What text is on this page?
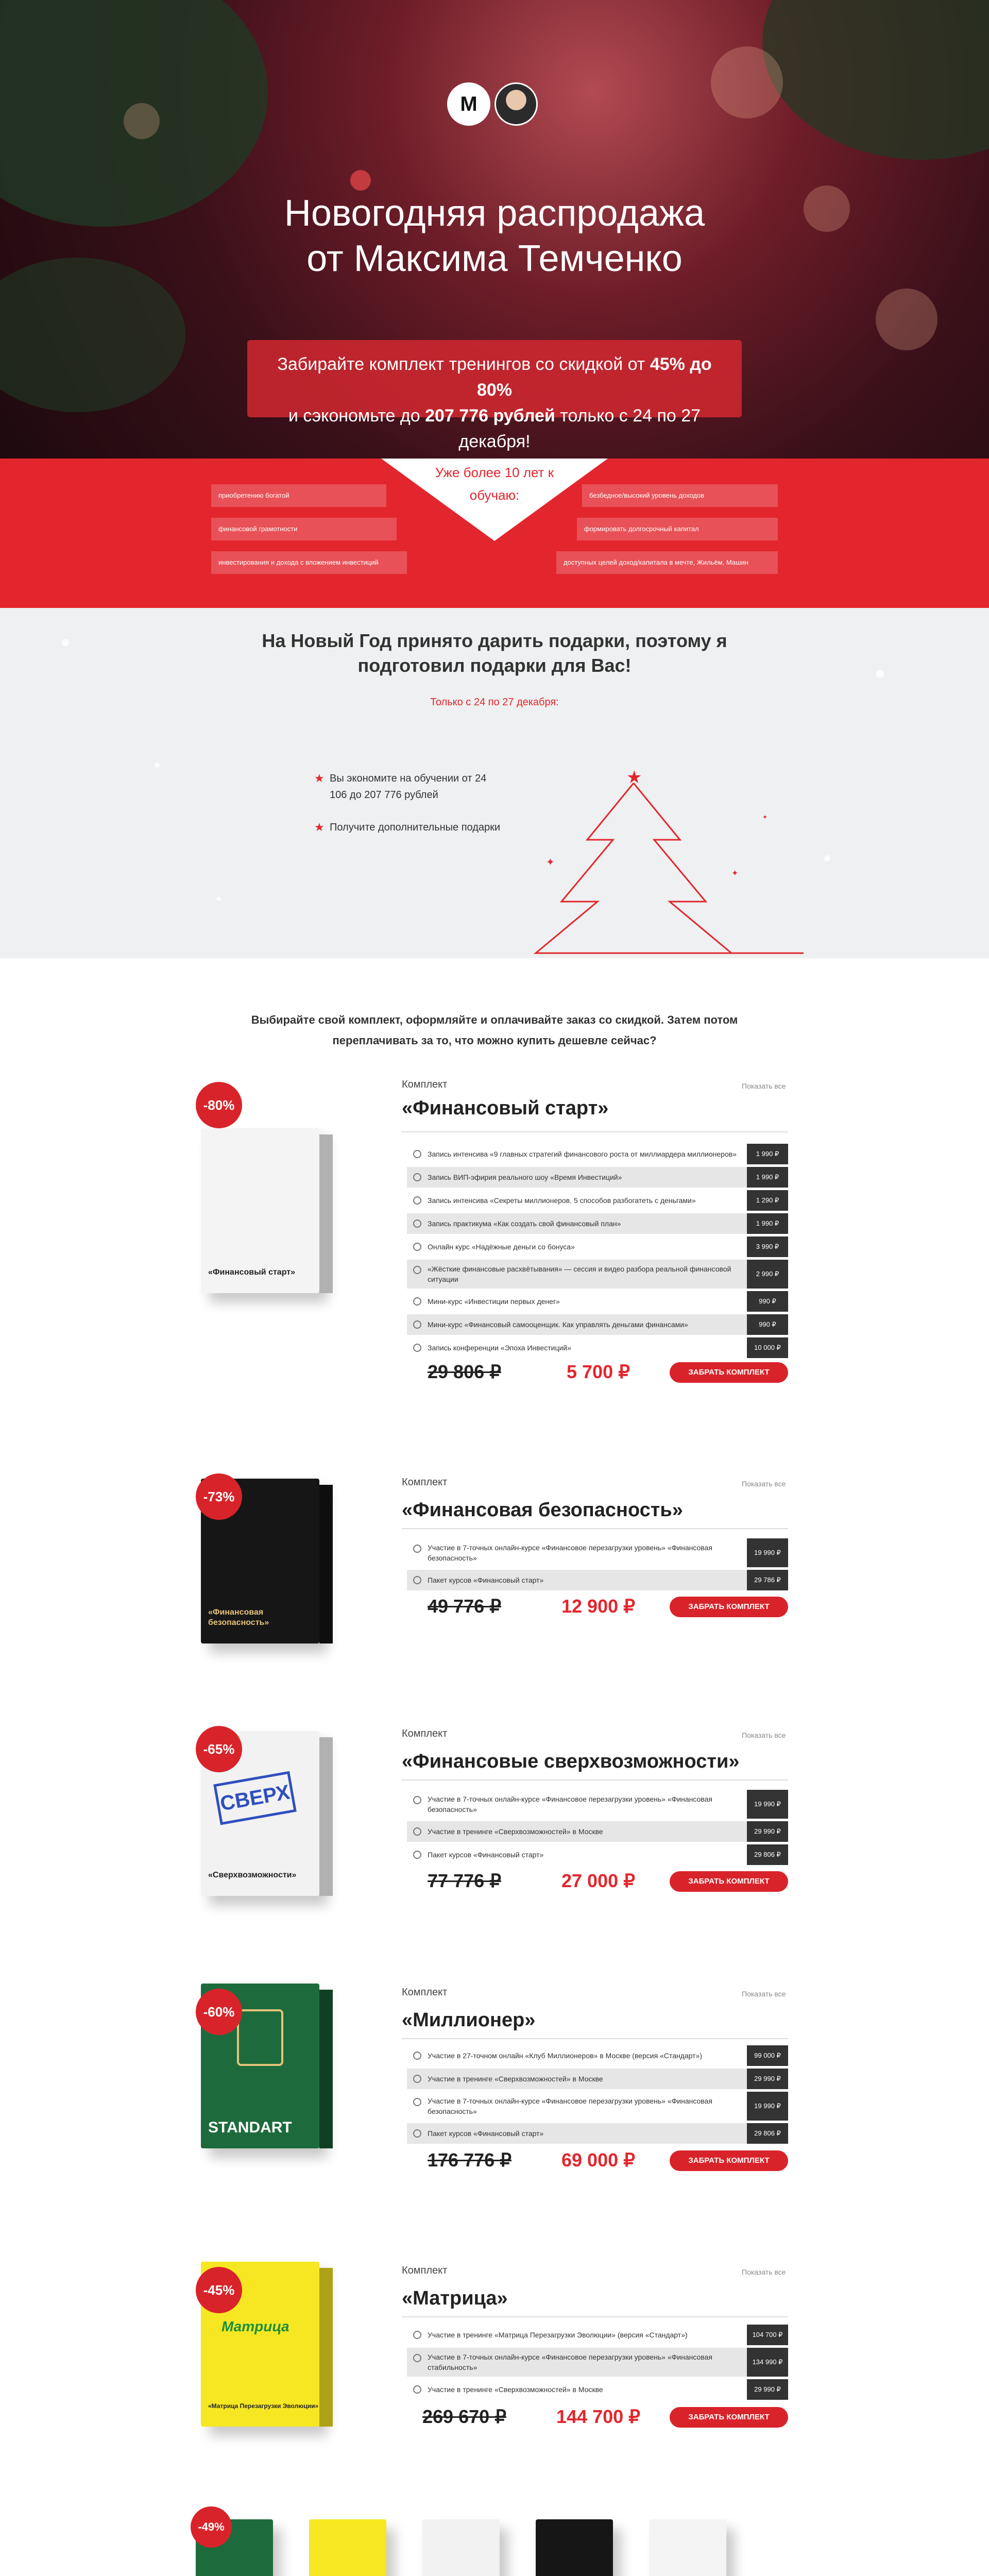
M
Новогодняя распродажа
от Максима Темченко
Забирайте комплект тренингов со скидкой от 45% до 80%
и сэкономьте до 207 776 рублей только с 24 по 27 декабря!
приобретению богатой
финансовой грамотности
инвестирования и дохода с вложением инвестиций
безбедное/высокий уровень доходов
формировать долгосрочный капитал
доступных целей доход/капитала в мечте, Жильём, Машин
Уже более 10 лет к обучаю:
На Новый Год принято дарить подарки, поэтому я подготовил подарки для Вас!
Только с 24 по 27 декабря:
★ Вы экономите на обучении от 24 106 до 207 776 рублей
★ Получите дополнительные подарки
★
✦
✦
✦
Выбирайте свой комплект, оформляйте и оплачивайте заказ со скидкой. Затем потом переплачивать за то, что можно купить дешевле сейчас?
«Финансовый старт»
-80%
Комплект	Показать все
«Финансовый старт»
Запись интенсива «9 главных стратегий финансового роста от миллиардера миллионеров»	1 990 ₽
Запись ВИП-эфирия реального шоу «Время Инвестиций»	1 990 ₽
Запись интенсива «Секреты миллионеров. 5 способов разбогатеть с деньгами»	1 290 ₽
Запись практикума «Как создать свой финансовый план»	1 990 ₽
Онлайн курс «Надёжные деньги со бонуса»	3 990 ₽
«Жёсткие финансовые расхвётывания» — сессия и видео разбора реальной финансовой ситуации
2 990 ₽
Мини-курс «Инвестиции первых денег»	990 ₽
Мини-курс «Финансовый самооценщик. Как управлять деньгами финансами»	990 ₽
Запись конференции «Эпоха Инвестиций»	10 000 ₽
29 806 ₽	5 700 ₽	ЗАБРАТЬ КОМПЛЕКТ
«Финансовая безопасность»
-73%
Комплект	Показать все
«Финансовая безопасность»
Участие в 7-точных онлайн-курсе «Финансовое перезагрузки уровень» «Финансовая безопасность»
19 990 ₽
Пакет курсов «Финансовый старт»	29 786 ₽
49 776 ₽	12 900 ₽	ЗАБРАТЬ КОМПЛЕКТ
СВЕРХ
«Сверхвозможности»
-65%
Комплект	Показать все
«Финансовые сверхвозможности»
Участие в 7-точных онлайн-курсе «Финансовое перезагрузки уровень» «Финансовая безопасность»
19 990 ₽
Участие в тренинге «Сверхвозможностей» в Москве	29 990 ₽
Пакет курсов «Финансовый старт»	29 806 ₽
77 776 ₽	27 000 ₽	ЗАБРАТЬ КОМПЛЕКТ
STANDART
-60%
Комплект	Показать все
«Миллионер»
Участие в 27-точном онлайн «Клуб Миллионеров» в Москве (версия «Стандарт»)	99 000 ₽
Участие в тренинге «Сверхвозможностей» в Москве	29 990 ₽
Участие в 7-точных онлайн-курсе «Финансовое перезагрузки уровень» «Финансовая безопасность»
19 990 ₽
Пакет курсов «Финансовый старт»	29 806 ₽
176 776 ₽	69 000 ₽	ЗАБРАТЬ КОМПЛЕКТ
Матрица
«Матрица Перезагрузки Эволюции»
-45%
Комплект	Показать все
«Матрица»
Участие в тренинге «Матрица Перезагрузки Эволюции» (версия «Стандарт»)	104 700 ₽
Участие в 7-точных онлайн-курсе «Финансовое перезагрузки уровень» «Финансовая стабильность»
134 990 ₽
Участие в тренинге «Сверхвозможностей» в Москве	29 990 ₽
269 670 ₽	144 700 ₽	ЗАБРАТЬ КОМПЛЕКТ
-49%
